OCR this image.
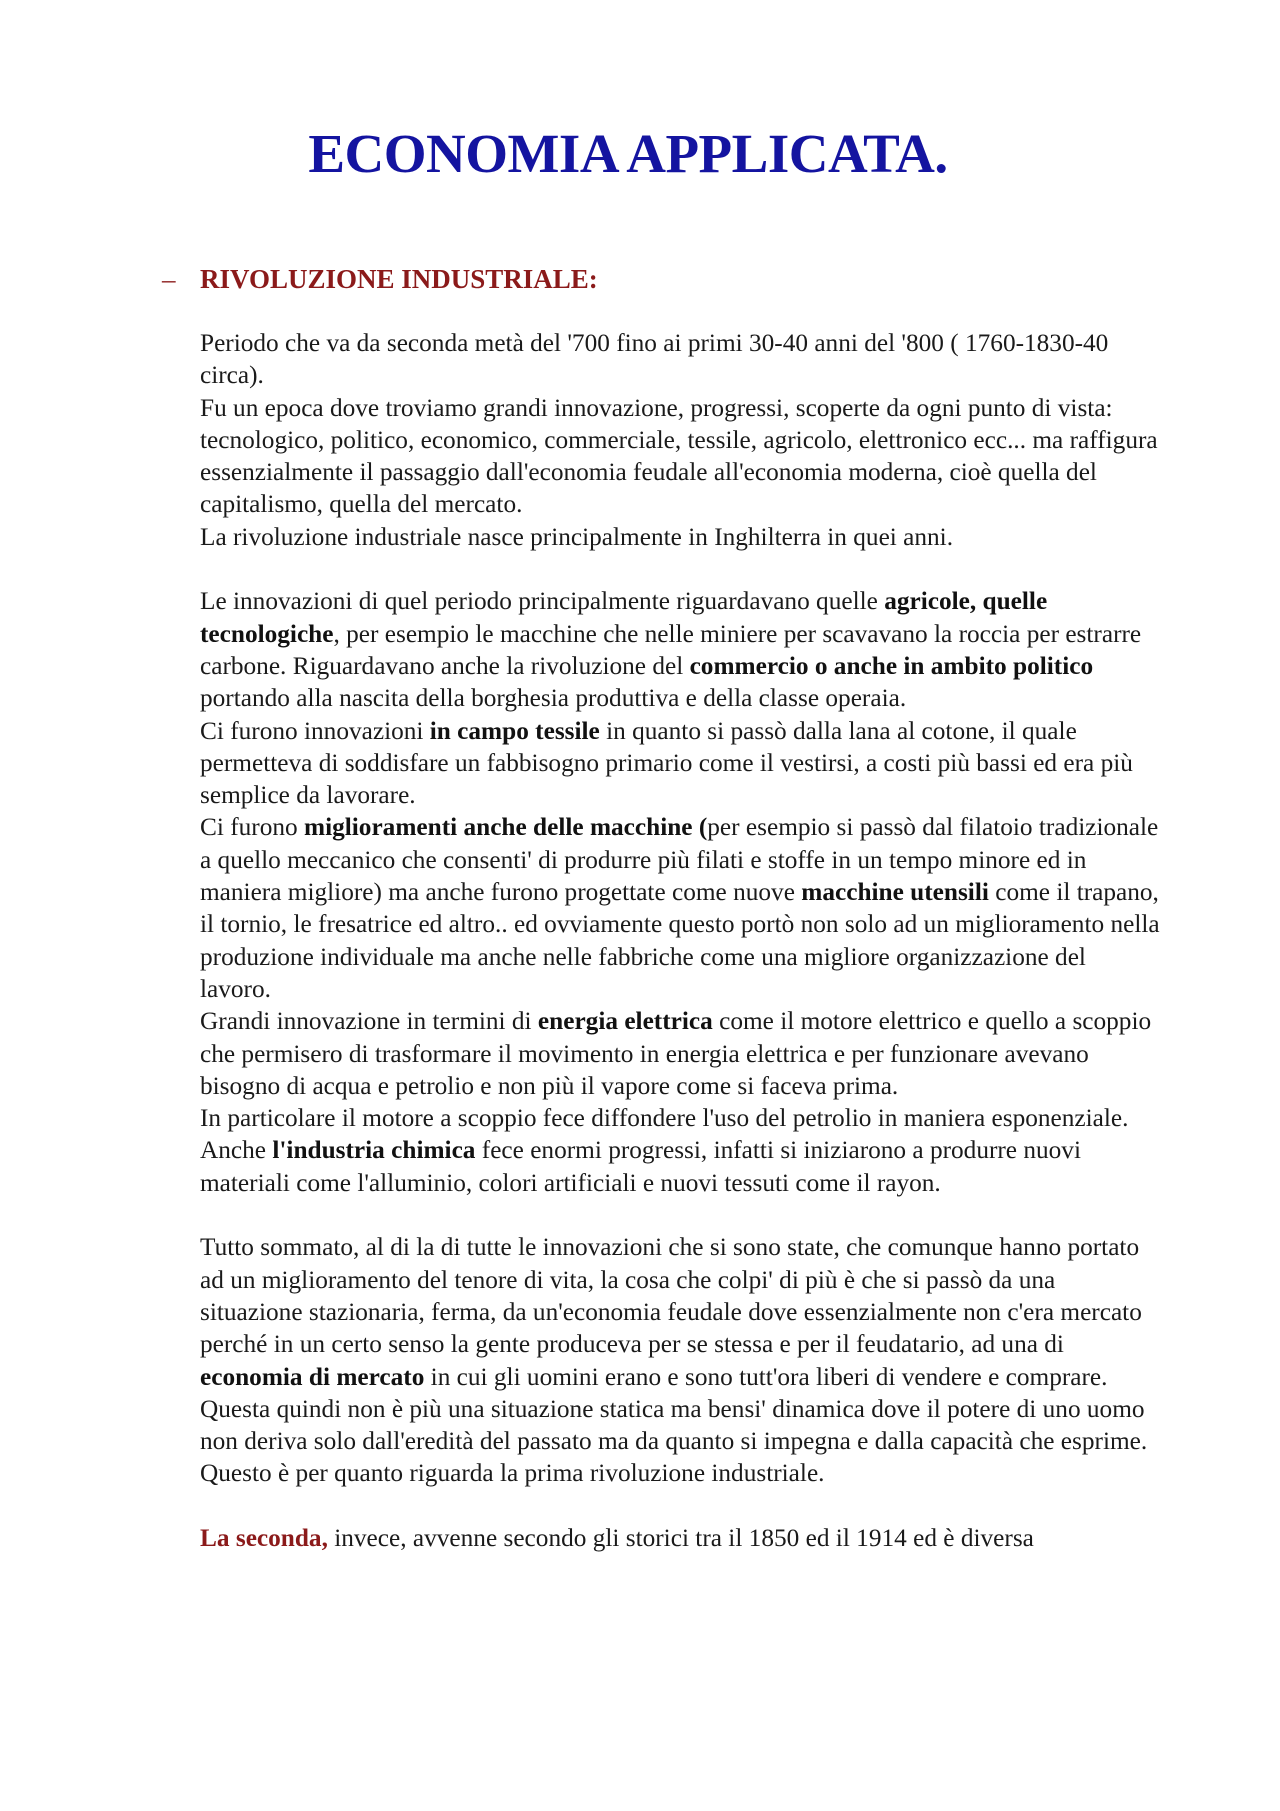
ECONOMIA APPLICATA.
– RIVOLUZIONE INDUSTRIALE:

Periodo che va da seconda metà del '700 fino ai primi 30-40 anni del '800 ( 1760-1830-40 circa).
Fu un epoca dove troviamo grandi innovazione, progressi, scoperte da ogni punto di vista: tecnologico, politico, economico, commerciale, tessile, agricolo, elettronico ecc... ma raffigura essenzialmente il passaggio dall'economia feudale all'economia moderna, cioè quella del capitalismo, quella del mercato.
La rivoluzione industriale nasce principalmente in Inghilterra in quei anni.

Le innovazioni di quel periodo principalmente riguardavano quelle agricole, quelle tecnologiche, per esempio le macchine che nelle miniere per scavavano la roccia per estrarre carbone. Riguardavano anche la rivoluzione del commercio o anche in ambito politico portando alla nascita della borghesia produttiva e della classe operaia.

Ci furono innovazioni in campo tessile in quanto si passò dalla lana al cotone, il quale permetteva di soddisfare un fabbisogno primario come il vestirsi, a costi più bassi ed era più semplice da lavorare.

Ci furono miglioramenti anche delle macchine (per esempio si passò dal filatoio tradizionale a quello meccanico che consenti' di produrre più filati e stoffe in un tempo minore ed in maniera migliore) ma anche furono progettate come nuove macchine utensili come il trapano, il tornio, le fresatrice ed altro.. ed ovviamente questo portò non solo ad un miglioramento nella produzione individuale ma anche nelle fabbriche come una migliore organizzazione del lavoro.

Grandi innovazione in termini di energia elettrica come il motore elettrico e quello a scoppio che permisero di trasformare il movimento in energia elettrica e per funzionare avevano bisogno di acqua e petrolio e non più il vapore come si faceva prima.

In particolare il motore a scoppio fece diffondere l'uso del petrolio in maniera esponenziale.

Anche l'industria chimica fece enormi progressi, infatti si iniziarono a produrre nuovi materiali come l'alluminio, colori artificiali e nuovi tessuti come il rayon.

Tutto sommato, al di la di tutte le innovazioni che si sono state, che comunque hanno portato ad un miglioramento del tenore di vita, la cosa che colpi' di più è che si passò da una situazione stazionaria, ferma, da un'economia feudale dove essenzialmente non c'era mercato perché in un certo senso la gente produceva per se stessa e per il feudatario, ad una di economia di mercato in cui gli uomini erano e sono tutt'ora liberi di vendere e comprare. Questa quindi non è più una situazione statica ma bensi' dinamica dove il potere di uno uomo non deriva solo dall'eredità del passato ma da quanto si impegna e dalla capacità che esprime.

Questo è per quanto riguarda la prima rivoluzione industriale.

La seconda, invece, avvenne secondo gli storici tra il 1850 ed il 1914 ed è diversa
